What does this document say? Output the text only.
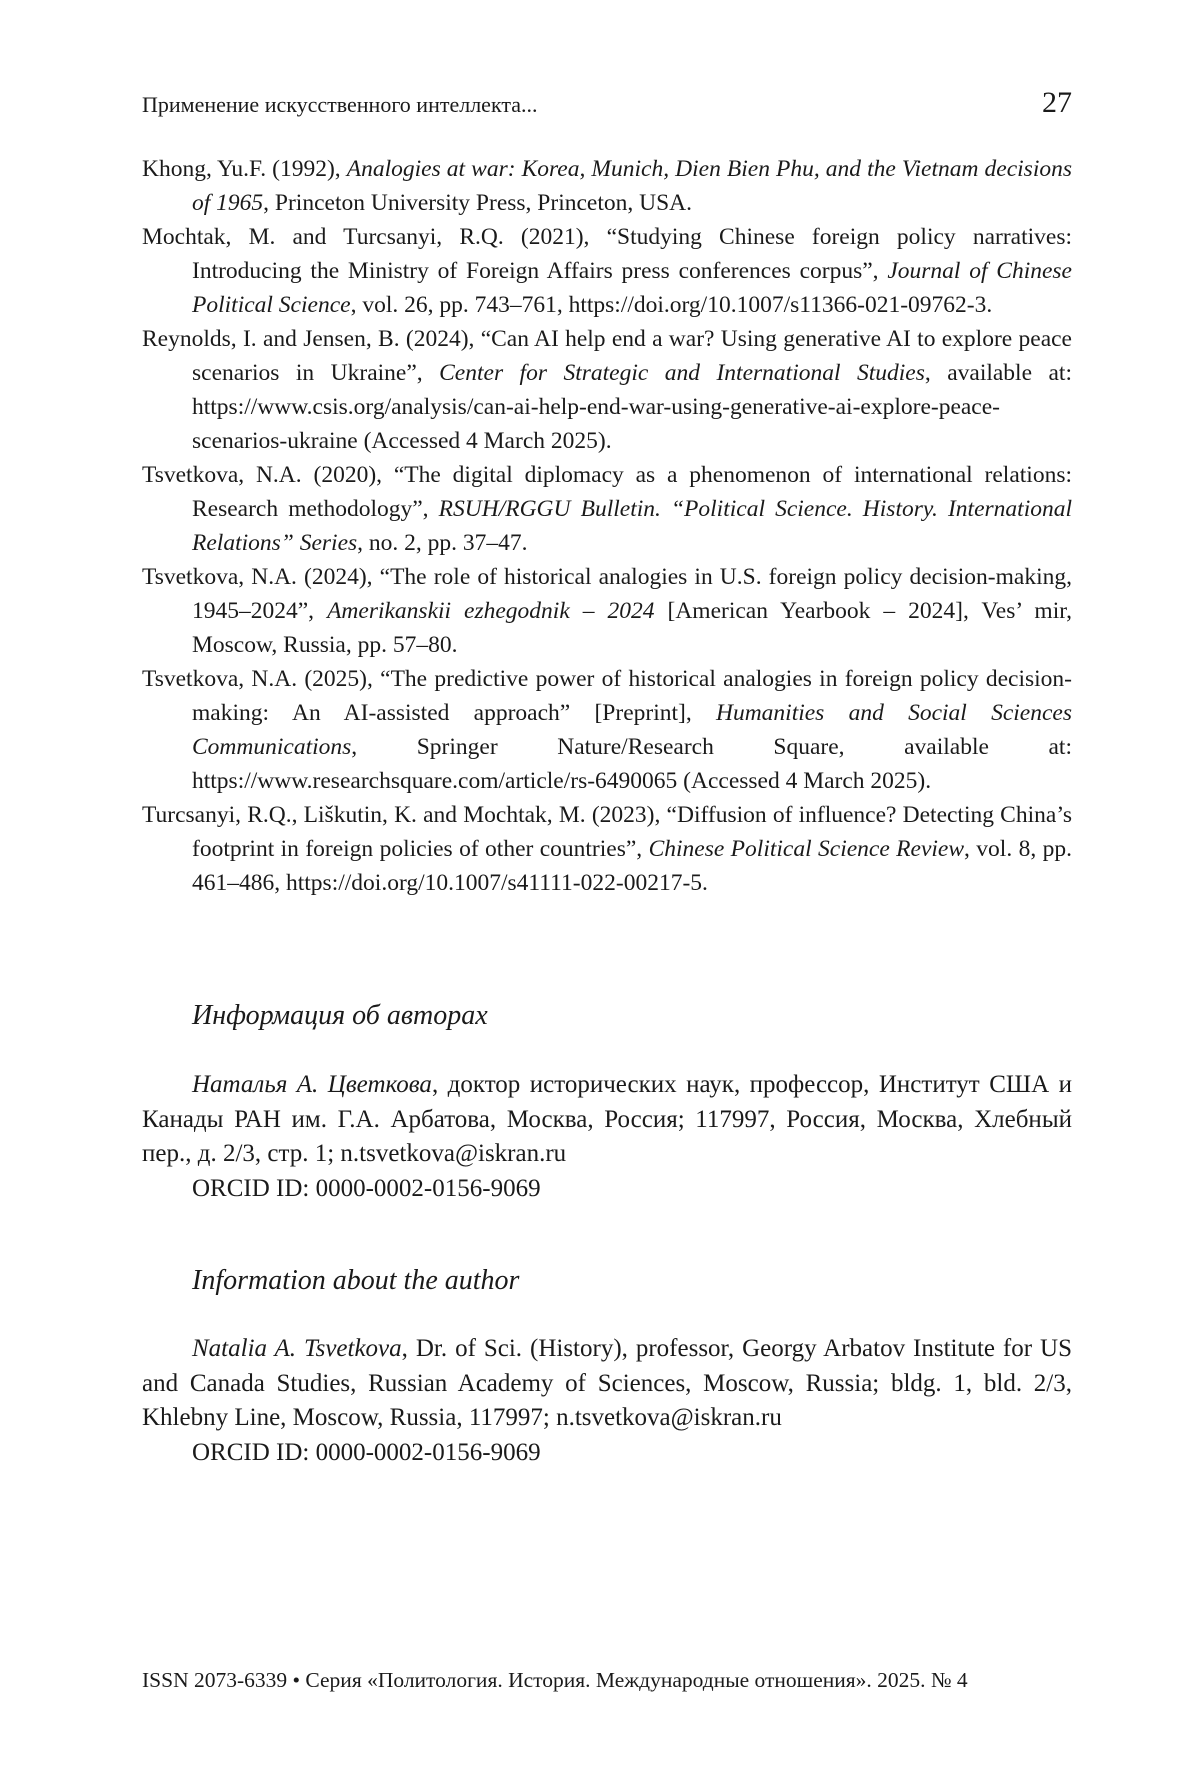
Применение искусственного интеллекта...	27

Khong, Yu.F. (1992), Analogies at war: Korea, Munich, Dien Bien Phu, and the Vietnam decisions of 1965, Princeton University Press, Princeton, USA.

Mochtak, M. and Turcsanyi, R.Q. (2021), “Studying Chinese foreign policy narratives: Introducing the Ministry of Foreign Affairs press conferences corpus”, Journal of Chinese Political Science, vol. 26, pp. 743–761, https://doi.org/10.1007/s11366-021-09762-3.

Reynolds, I. and Jensen, B. (2024), “Can AI help end a war? Using generative AI to explore peace scenarios in Ukraine”, Center for Strategic and International Studies, available at: https://www.csis.org/analysis/can-ai-help-end-war-using-generative-ai-explore-peace-scenarios-ukraine (Accessed 4 March 2025).

Tsvetkova, N.A. (2020), “The digital diplomacy as a phenomenon of international relations: Research methodology”, RSUH/RGGU Bulletin. “Political Science. History. International Relations” Series, no. 2, pp. 37–47.

Tsvetkova, N.A. (2024), “The role of historical analogies in U.S. foreign policy decision-making, 1945–2024”, Amerikanskii ezhegodnik – 2024 [American Yearbook – 2024], Ves’ mir, Moscow, Russia, pp. 57–80.

Tsvetkova, N.A. (2025), “The predictive power of historical analogies in foreign policy decision-making: An AI-assisted approach” [Preprint], Humanities and Social Sciences Communications, Springer Nature/Research Square, available at: https://www.researchsquare.com/article/rs-6490065 (Accessed 4 March 2025).

Turcsanyi, R.Q., Liškutin, K. and Mochtak, M. (2023), “Diffusion of influence? Detecting China’s footprint in foreign policies of other countries”, Chinese Political Science Review, vol. 8, pp. 461–486, https://doi.org/10.1007/s41111-022-00217-5.

Информация об авторах

Наталья А. Цветкова, доктор исторических наук, профессор, Институт США и Канады РАН им. Г.А. Арбатова, Москва, Россия; 117997, Россия, Москва, Хлебный пер., д. 2/3, стр. 1; n.tsvetkova@iskran.ru

ORCID ID: 0000-0002-0156-9069

Information about the author

Natalia A. Tsvetkova, Dr. of Sci. (History), professor, Georgy Arbatov Institute for US and Canada Studies, Russian Academy of Sciences, Moscow, Russia; bldg. 1, bld. 2/3, Khlebny Line, Moscow, Russia, 117997; n.tsvetkova@iskran.ru

ORCID ID: 0000-0002-0156-9069

ISSN 2073-6339 • Серия «Политология. История. Международные отношения». 2025. № 4
